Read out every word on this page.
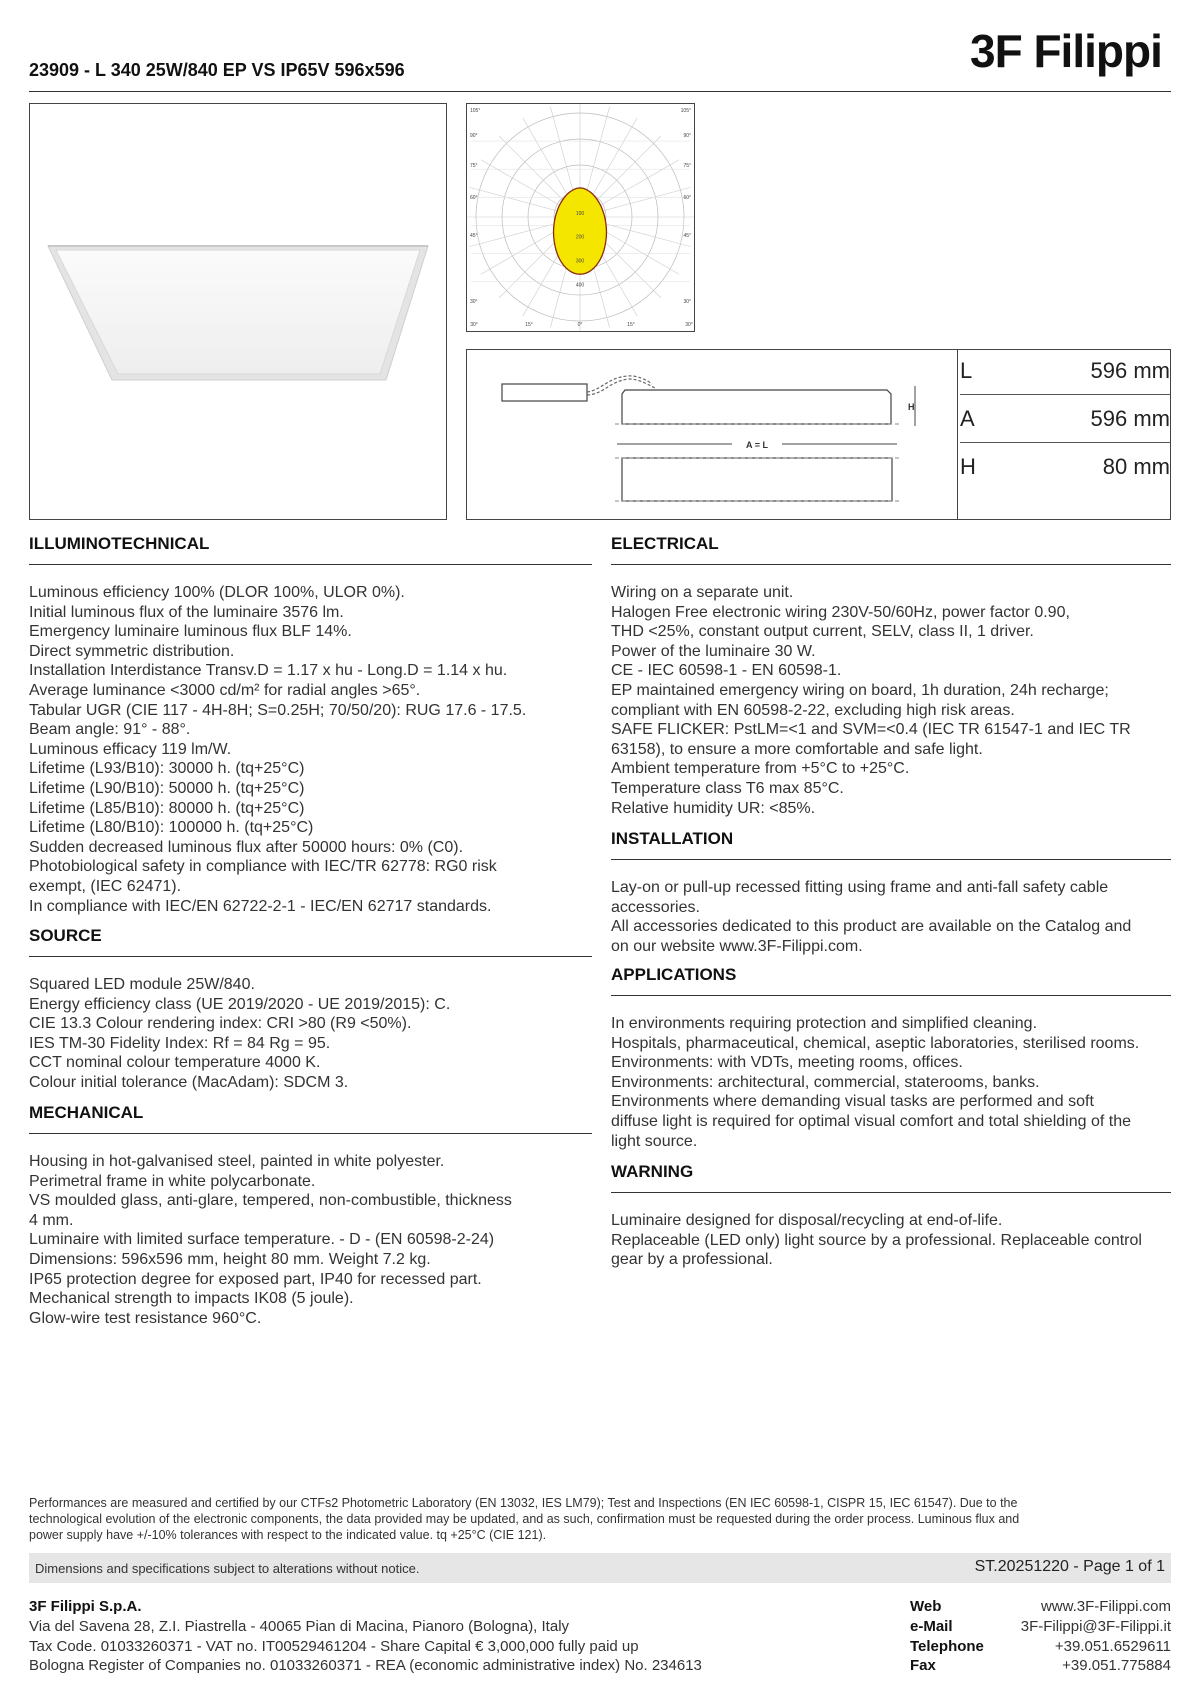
23909 - L 340 25W/840 EP VS IP65V 596x596	3F Filippi
100
200
300
400
105°
90°
75°
60°
45°
30°
105°
90°
75°
60°
45°
30°
30°	15°	0°	15°	30°
H
A = L
L	596 mm
A	596 mm
H	80 mm
ILLUMINOTECHNICAL
Luminous efficiency 100% (DLOR 100%, ULOR 0%).
Initial luminous flux of the luminaire 3576 lm.
Emergency luminaire luminous flux BLF 14%.
Direct symmetric distribution.
Installation Interdistance Transv.D = 1.17 x hu - Long.D = 1.14 x hu.
Average luminance <3000 cd/m² for radial angles >65°.
Tabular UGR (CIE 117 - 4H-8H; S=0.25H; 70/50/20): RUG 17.6 - 17.5.
Beam angle: 91° - 88°.
Luminous efficacy 119 lm/W.
Lifetime (L93/B10): 30000 h. (tq+25°C)
Lifetime (L90/B10): 50000 h. (tq+25°C)
Lifetime (L85/B10): 80000 h. (tq+25°C)
Lifetime (L80/B10): 100000 h. (tq+25°C)
Sudden decreased luminous flux after 50000 hours: 0% (C0).
Photobiological safety in compliance with IEC/TR 62778: RG0 risk
exempt, (IEC 62471).
In compliance with IEC/EN 62722-2-1 - IEC/EN 62717 standards.
SOURCE
Squared LED module 25W/840.
Energy efficiency class (UE 2019/2020 - UE 2019/2015): C.
CIE 13.3 Colour rendering index: CRI >80 (R9 <50%).
IES TM-30 Fidelity Index: Rf = 84 Rg = 95.
CCT nominal colour temperature 4000 K.
Colour initial tolerance (MacAdam): SDCM 3.
MECHANICAL
Housing in hot-galvanised steel, painted in white polyester.
Perimetral frame in white polycarbonate.
VS moulded glass, anti-glare, tempered, non-combustible, thickness
4 mm.
Luminaire with limited surface temperature. - D - (EN 60598-2-24)
Dimensions: 596x596 mm, height 80 mm. Weight 7.2 kg.
IP65 protection degree for exposed part, IP40 for recessed part.
Mechanical strength to impacts IK08 (5 joule).
Glow-wire test resistance 960°C.
ELECTRICAL
Wiring on a separate unit.
Halogen Free electronic wiring 230V-50/60Hz, power factor 0.90,
THD <25%, constant output current, SELV, class II, 1 driver.
Power of the luminaire 30 W.
CE - IEC 60598-1 - EN 60598-1.
EP maintained emergency wiring on board, 1h duration, 24h recharge;
compliant with EN 60598-2-22, excluding high risk areas.
SAFE FLICKER: PstLM=<1 and SVM=<0.4 (IEC TR 61547-1 and IEC TR
63158), to ensure a more comfortable and safe light.
Ambient temperature from +5°C to +25°C.
Temperature class T6 max 85°C.
Relative humidity UR: <85%.
INSTALLATION
Lay-on or pull-up recessed fitting using frame and anti-fall safety cable
accessories.
All accessories dedicated to this product are available on the Catalog and
on our website www.3F-Filippi.com.
APPLICATIONS
In environments requiring protection and simplified cleaning.
Hospitals, pharmaceutical, chemical, aseptic laboratories, sterilised rooms.
Environments: with VDTs, meeting rooms, offices.
Environments: architectural, commercial, staterooms, banks.
Environments where demanding visual tasks are performed and soft
diffuse light is required for optimal visual comfort and total shielding of the
light source.
WARNING
Luminaire designed for disposal/recycling at end-of-life.
Replaceable (LED only) light source by a professional. Replaceable control
gear by a professional.
Performances are measured and certified by our CTFs2 Photometric Laboratory (EN 13032, IES LM79); Test and Inspections (EN IEC 60598-1, CISPR 15, IEC 61547). Due to the
technological evolution of the electronic components, the data provided may be updated, and as such, confirmation must be requested during the order process. Luminous flux and
power supply have +/-10% tolerances with respect to the indicated value. tq +25°C (CIE 121).
Dimensions and specifications subject to alterations without notice.	ST.20251220 - Page 1 of 1
3F Filippi S.p.A.
Via del Savena 28, Z.I. Piastrella - 40065 Pian di Macina, Pianoro (Bologna), Italy
Tax Code. 01033260371 - VAT no. IT00529461204 - Share Capital € 3,000,000 fully paid up
Bologna Register of Companies no. 01033260371 - REA (economic administrative index) No. 234613
Web	www.3F-Filippi.com
e-Mail	3F-Filippi@3F-Filippi.it
Telephone	+39.051.6529611
Fax	+39.051.775884
